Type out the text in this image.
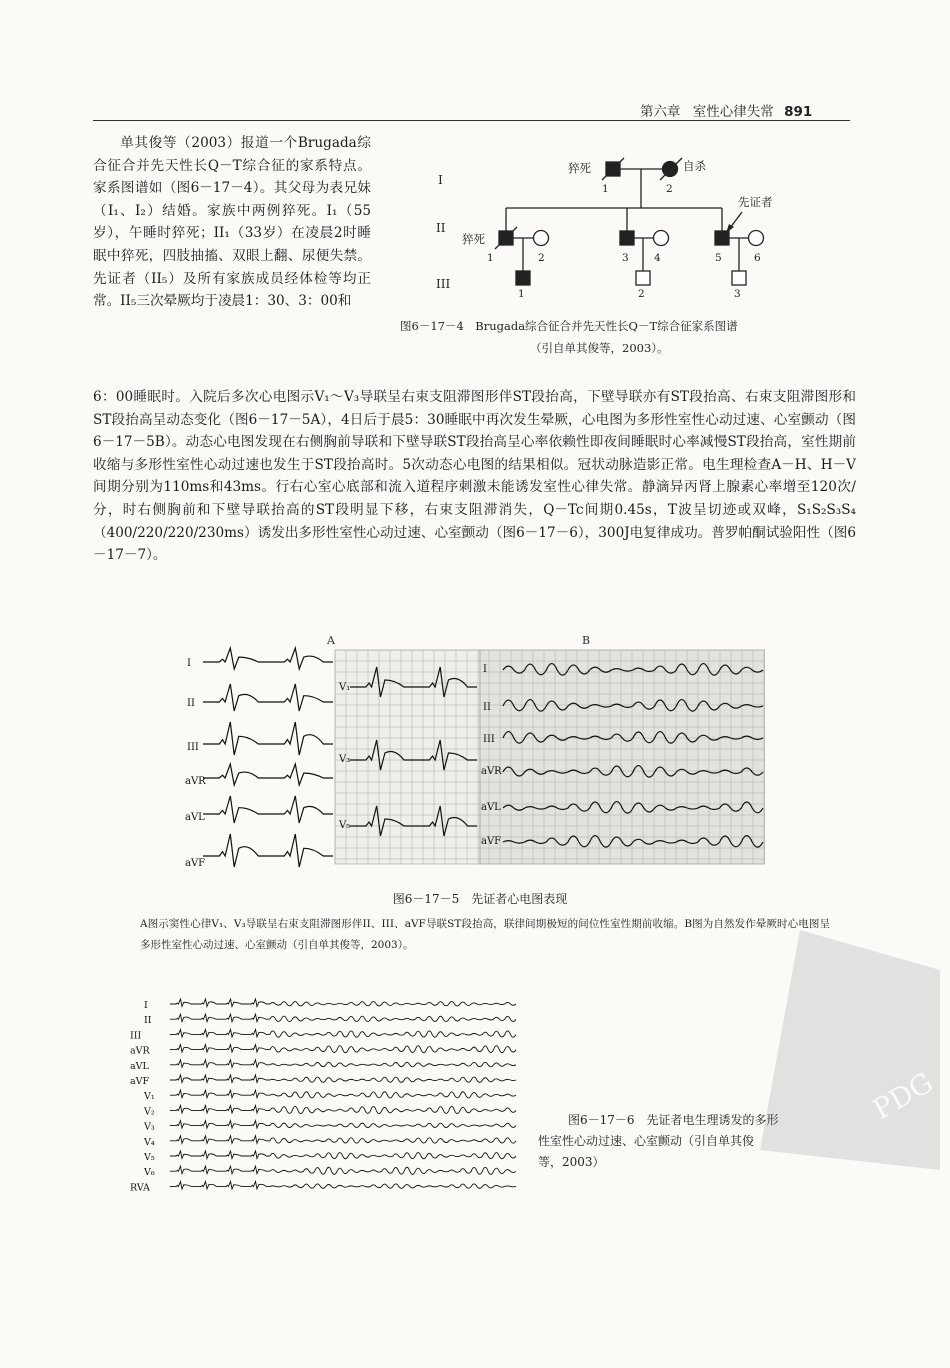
第六章 室性心律失常 891
单其俊等（2003）报道一个Brugada综合征合并先天性长Q－T综合征的家系特点。家系图谱如（图6－17－4）。其父母为表兄妹（I₁、I₂）结婚。家族中两例猝死。I₁（55岁），午睡时猝死；II₁（33岁）在凌晨2时睡眠中猝死，四肢抽搐、双眼上翻、尿便失禁。先证者（II₅）及所有家族成员经体检等均正常。II₅三次晕厥均于凌晨1：30、3：00和
I
II
III
猝死	自杀
猝死
先证者
1	2
1	2	3 4	5	6
1	2	3
图6－17－4　Brugada综合征合并先天性长Q－T综合征家系图谱
（引自单其俊等，2003）。
6：00睡眠时。入院后多次心电图示V₁～V₃导联呈右束支阻滞图形伴ST段抬高，下壁导联亦有ST段抬高、右束支阻滞图形和ST段抬高呈动态变化（图6－17－5A），4日后于晨5：30睡眠中再次发生晕厥，心电图为多形性室性心动过速、心室颤动（图6－17－5B）。动态心电图发现在右侧胸前导联和下壁导联ST段抬高呈心率依赖性即夜间睡眠时心率减慢ST段抬高，室性期前收缩与多形性室性心动过速也发生于ST段抬高时。5次动态心电图的结果相似。冠状动脉造影正常。电生理检查A－H、H－V间期分别为110ms和43ms。行右心室心底部和流入道程序刺激未能诱发室性心律失常。静滴异丙肾上腺素心率增至120次/分，时右侧胸前和下壁导联抬高的ST段明显下移，右束支阻滞消失，Q－Tc间期0.45s，T波呈切迹或双峰，S₁S₂S₃S₄（400/220/220/230ms）诱发出多形性室性心动过速、心室颤动（图6－17－6），300J电复律成功。普罗帕酮试验阳性（图6－17－7）。
A	B
I
II
III
aVR
aVL
aVF
V₁
V₃
V₅
I
II
III
aVR
aVL
aVF
图6－17－5　先证者心电图表现
A图示窦性心律V₁、V₃导联呈右束支阻滞图形伴II、III、aVF导联ST段抬高，联律间期极短的间位性室性期前收缩。B图为自然发作晕厥时心电图呈多形性室性心动过速、心室颤动（引自单其俊等，2003）。
I
II
III
aVR
aVL
aVF
V₁
V₂
V₃
V₄
V₅
V₆
RVA
图6－17－6　先证者电生理诱发的多形
性室性心动过速、心室颤动（引自单其俊
等，2003）
PDG
